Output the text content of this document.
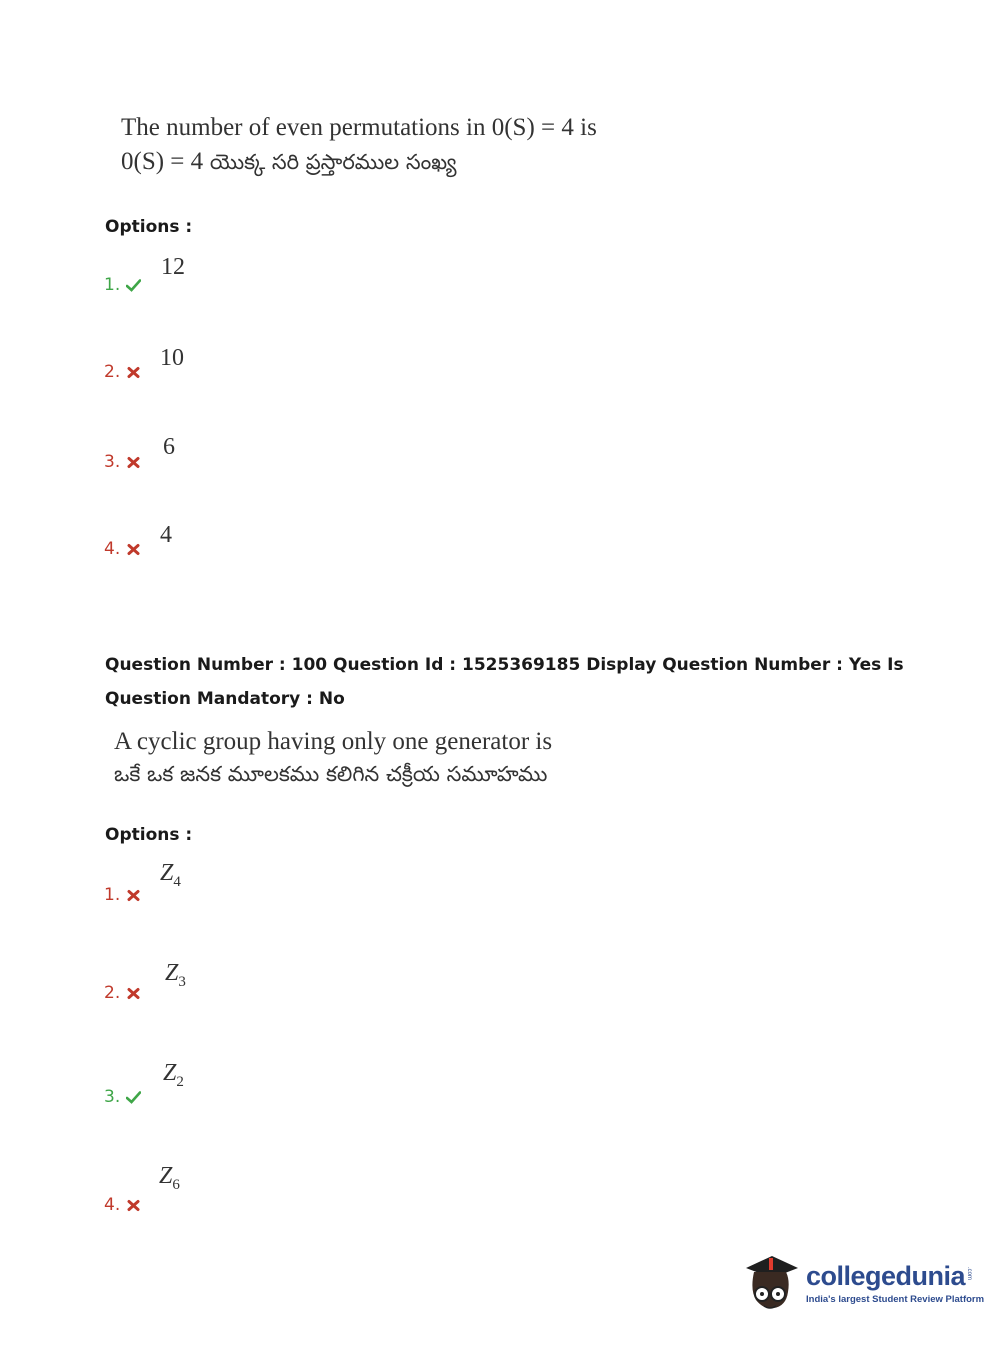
The number of even permutations in 0(S) = 4 is
0(S) = 4 యొక్క సరి ప్రస్తారముల సంఖ్య
Options :
1.
12
2.
10
3.
6
4.
4
Question Number : 100 Question Id : 1525369185 Display Question Number : Yes Is Question Mandatory : No
A cyclic group having only one generator is
ఒకే ఒక జనక మూలకము కలిగిన చక్రీయ సమూహము
Options :
1.
$Z_4$
2.
$Z_3$
3.
$Z_2$
4.
$Z_6$
collegedunia .com
India's largest Student Review Platform
